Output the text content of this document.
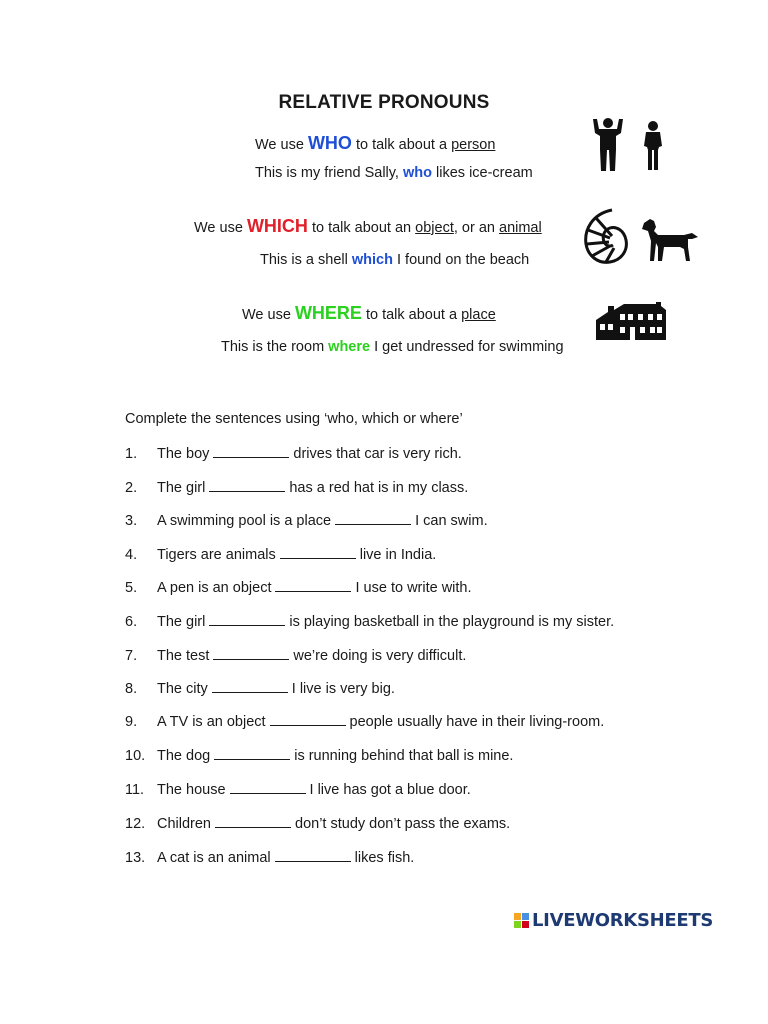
RELATIVE PRONOUNS
We use WHO to talk about a person
This is my friend Sally, who likes ice-cream
We use WHICH to talk about an object, or an animal
This is a shell which I found on the beach
We use WHERE to talk about a place
This is the room where I get undressed for swimming
Complete the sentences using ‘who, which or where’
1. The boy	drives that car is very rich.
2. The girl	has a red hat is in my class.
3. A swimming pool is a place	I can swim.
4. Tigers are animals	live in India.
5. A pen is an object	I use to write with.
6. The girl	is playing basketball in the playground is my sister.
7. The test	we’re doing is very difficult.
8. The city	I live is very big.
9. A TV is an object	people usually have in their living-room.
10. The dog	is running behind that ball is mine.
11. The house	I live has got a blue door.
12. Children	don’t study don’t pass the exams.
13. A cat is an animal	likes fish.
LIVEWORKSHEETS
